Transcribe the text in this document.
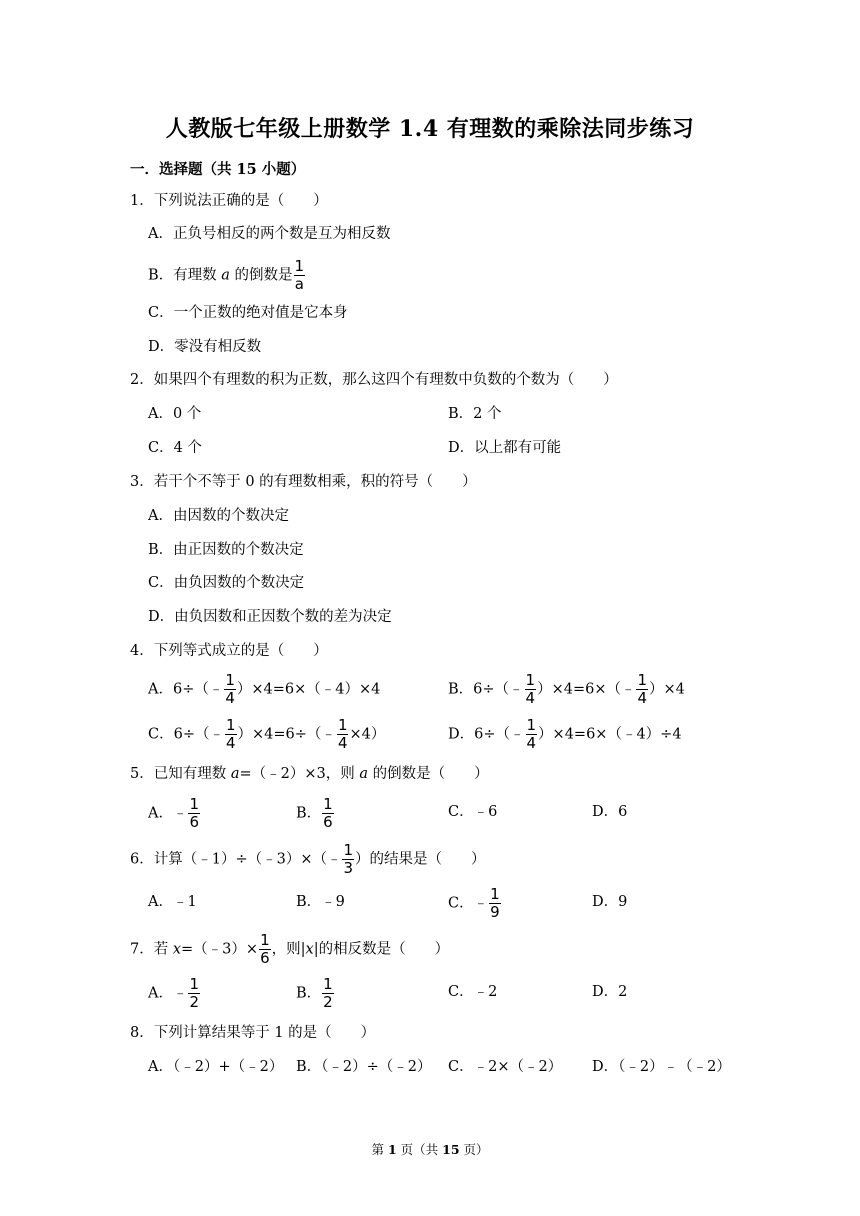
人教版七年级上册数学 1.4 有理数的乘除法同步练习
一．选择题（共 15 小题）
1．下列说法正确的是（　　）
A．正负号相反的两个数是互为相反数
B．有理数 a 的倒数是 $\frac{1}{a}$
C．一个正数的绝对值是它本身
D．零没有相反数
2．如果四个有理数的积为正数，那么这四个有理数中负数的个数为（　　）
A．0 个	B．2 个
C．4 个	D．以上都有可能
3．若干个不等于 0 的有理数相乘，积的符号（　　）
A．由因数的个数决定
B．由正因数的个数决定
C．由负因数的个数决定
D．由负因数和正因数个数的差为决定
4．下列等式成立的是（　　）
A．6÷（﹣ $\frac{1}{4}$ ）×4=6×（﹣4）×4	B．6÷（﹣ $\frac{1}{4}$ ）×4=6×（﹣ $\frac{1}{4} )\times 4$
C．6÷（﹣ $\frac{1}{4}$ ）×4=6÷（﹣ $\frac{1}{4} \times 4$）	D．6÷（﹣ $\frac{1}{4}$ ）×4=6×（﹣4）÷4
5．已知有理数 a=（﹣2）×3，则 a 的倒数是（　　）
A．﹣ $\frac{1}{6}$	B． $\frac{1}{6}$	C．﹣6	D．6
6．计算（﹣1）÷（﹣3）×（﹣ $\frac{1}{3}$ ）的结果是（　　）
A．﹣1	B．﹣9	C．﹣ $\frac{1}{9}$	D．9
7．若 x=（﹣3）× $\frac{1}{6}$ ，则|x|的相反数是（　　）
A．﹣ $\frac{1}{2}$	B． $\frac{1}{2}$	C．﹣2	D．2
8．下列计算结果等于 1 的是（　　）
A．（﹣2）+（﹣2） B．（﹣2）÷（﹣2） C．﹣2×（﹣2） D．（﹣2）﹣（﹣2）
第 1 页（共 15 页）
